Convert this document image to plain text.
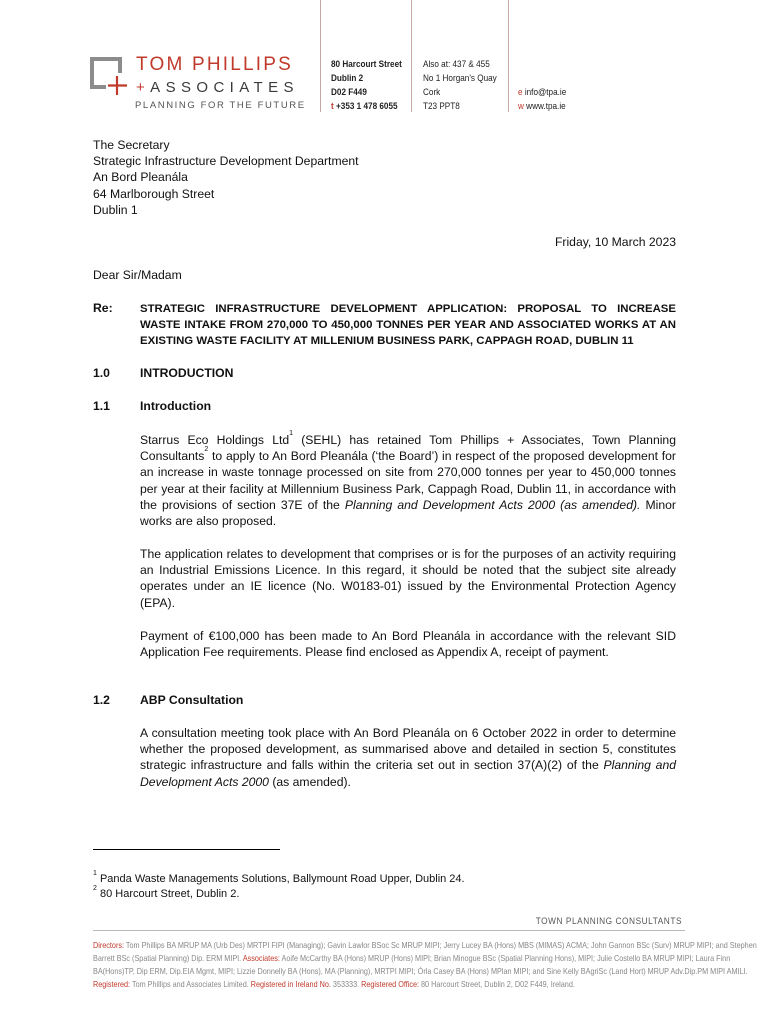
TOM PHILLIPS
+ASSOCIATES
PLANNING FOR THE FUTURE
80 Harcourt Street
Dublin 2
D02 F449
t +353 1 478 6055
Also at: 437 & 455
No 1 Horgan's Quay
Cork
T23 PPT8
e info@tpa.ie
w www.tpa.ie
The Secretary
Strategic Infrastructure Development Department
An Bord Pleanála
64 Marlborough Street
Dublin 1
Friday, 10 March 2023
Dear Sir/Madam
Re: STRATEGIC INFRASTRUCTURE DEVELOPMENT APPLICATION: PROPOSAL TO INCREASE WASTE INTAKE FROM 270,000 TO 450,000 TONNES PER YEAR AND ASSOCIATED WORKS AT AN EXISTING WASTE FACILITY AT MILLENIUM BUSINESS PARK, CAPPAGH ROAD, DUBLIN 11
1.0 INTRODUCTION
1.1 Introduction
Starrus Eco Holdings Ltd$^1$ (SEHL) has retained Tom Phillips + Associates, Town Planning Consultants$^2$ to apply to An Bord Pleanála (‘the Board’) in respect of the proposed development for an increase in waste tonnage processed on site from 270,000 tonnes per year to 450,000 tonnes per year at their facility at Millennium Business Park, Cappagh Road, Dublin 11, in accordance with the provisions of section 37E of the Planning and Development Acts 2000 (as amended). Minor works are also proposed.
The application relates to development that comprises or is for the purposes of an activity requiring an Industrial Emissions Licence. In this regard, it should be noted that the subject site already operates under an IE licence (No. W0183-01) issued by the Environmental Protection Agency (EPA).
Payment of €100,000 has been made to An Bord Pleanála in accordance with the relevant SID Application Fee requirements. Please find enclosed as Appendix A, receipt of payment.
1.2 ABP Consultation
A consultation meeting took place with An Bord Pleanála on 6 October 2022 in order to determine whether the proposed development, as summarised above and detailed in section 5, constitutes strategic infrastructure and falls within the criteria set out in section 37(A)(2) of the Planning and Development Acts 2000 (as amended).
$^1$ Panda Waste Managements Solutions, Ballymount Road Upper, Dublin 24.
$^2$ 80 Harcourt Street, Dublin 2.
TOWN PLANNING CONSULTANTS
Directors: Tom Phillips BA MRUP MA (Urb Des) MRTPI FIPI (Managing); Gavin Lawlor BSoc Sc MRUP MIPI; Jerry Lucey BA (Hons) MBS (MIMAS) ACMA; John Gannon BSc (Surv) MRUP MIPI; and Stephen
Barrett BSc (Spatial Planning) Dip. ERM MIPI. Associates: Aoife McCarthy BA (Hons) MRUP (Hons) MIPI; Brian Minogue BSc (Spatial Planning Hons), MIPI; Julie Costello BA MRUP MIPI; Laura Finn
BA(Hons)TP, Dip ERM, Dip.EIA Mgmt, MIPI; Lizzie Donnelly BA (Hons), MA (Planning), MRTPI MIPI; Órla Casey BA (Hons) MPlan MIPI; and Sine Kelly BAgriSc (Land Hort) MRUP Adv.Dip.PM MIPI AMILI.
Registered: Tom Phillips and Associates Limited. Registered in Ireland No. 353333. Registered Office: 80 Harcourt Street, Dublin 2, D02 F449, Ireland.
